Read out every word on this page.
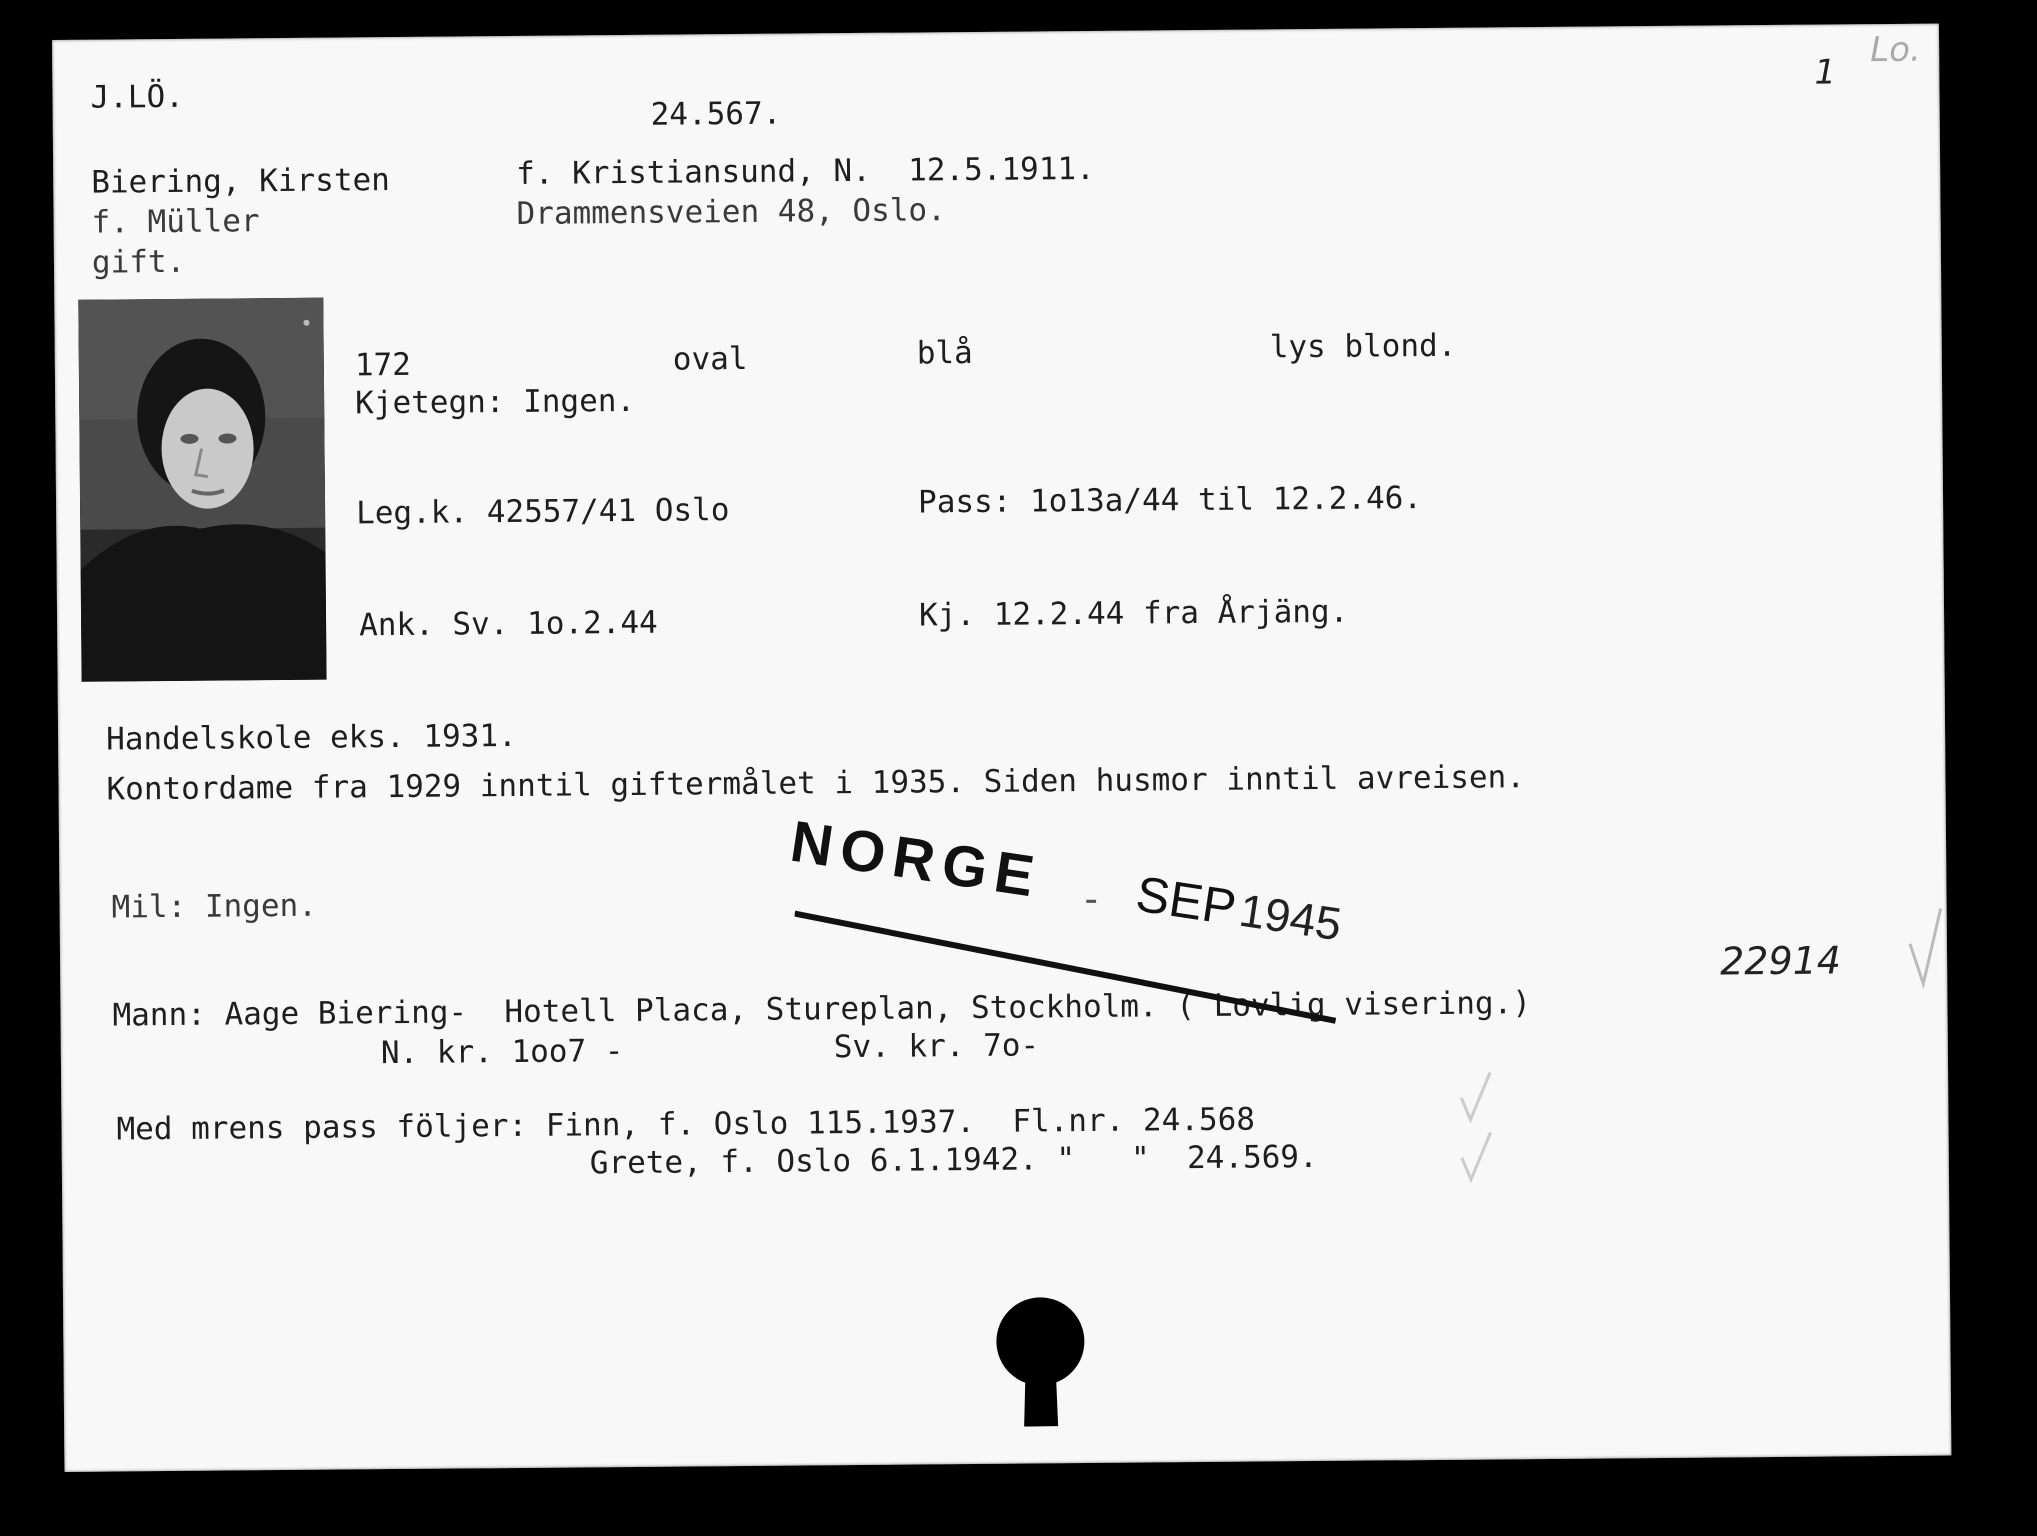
J.LÖ.	24.567.

1

Lo.

Biering, Kirsten	f. Kristiansund, N.  12.5.1911.

f. Müller	Drammensveien 48, Oslo.

gift.

172	oval	blå	lys blond.

Kjetegn: Ingen.

Leg.k. 42557/41 Oslo	Pass: 1o13a/44 til 12.2.46.

Ank. Sv. 1o.2.44	Kj. 12.2.44 fra Årjäng.

Handelskole eks. 1931.

Kontordame fra 1929 inntil giftermålet i 1935. Siden husmor inntil avreisen.

Mil: Ingen.

Mann: Aage Biering-  Hotell Placa, Stureplan, Stockholm. ( Lovlig visering.)

22914

N. kr. 1oo7 -	Sv. kr. 7o-

Med mrens pass följer: Finn, f. Oslo 115.1937.  Fl.nr. 24.568

Grete, f. Oslo 6.1.1942. "   "  24.569.

NORGE - SEP
1945
